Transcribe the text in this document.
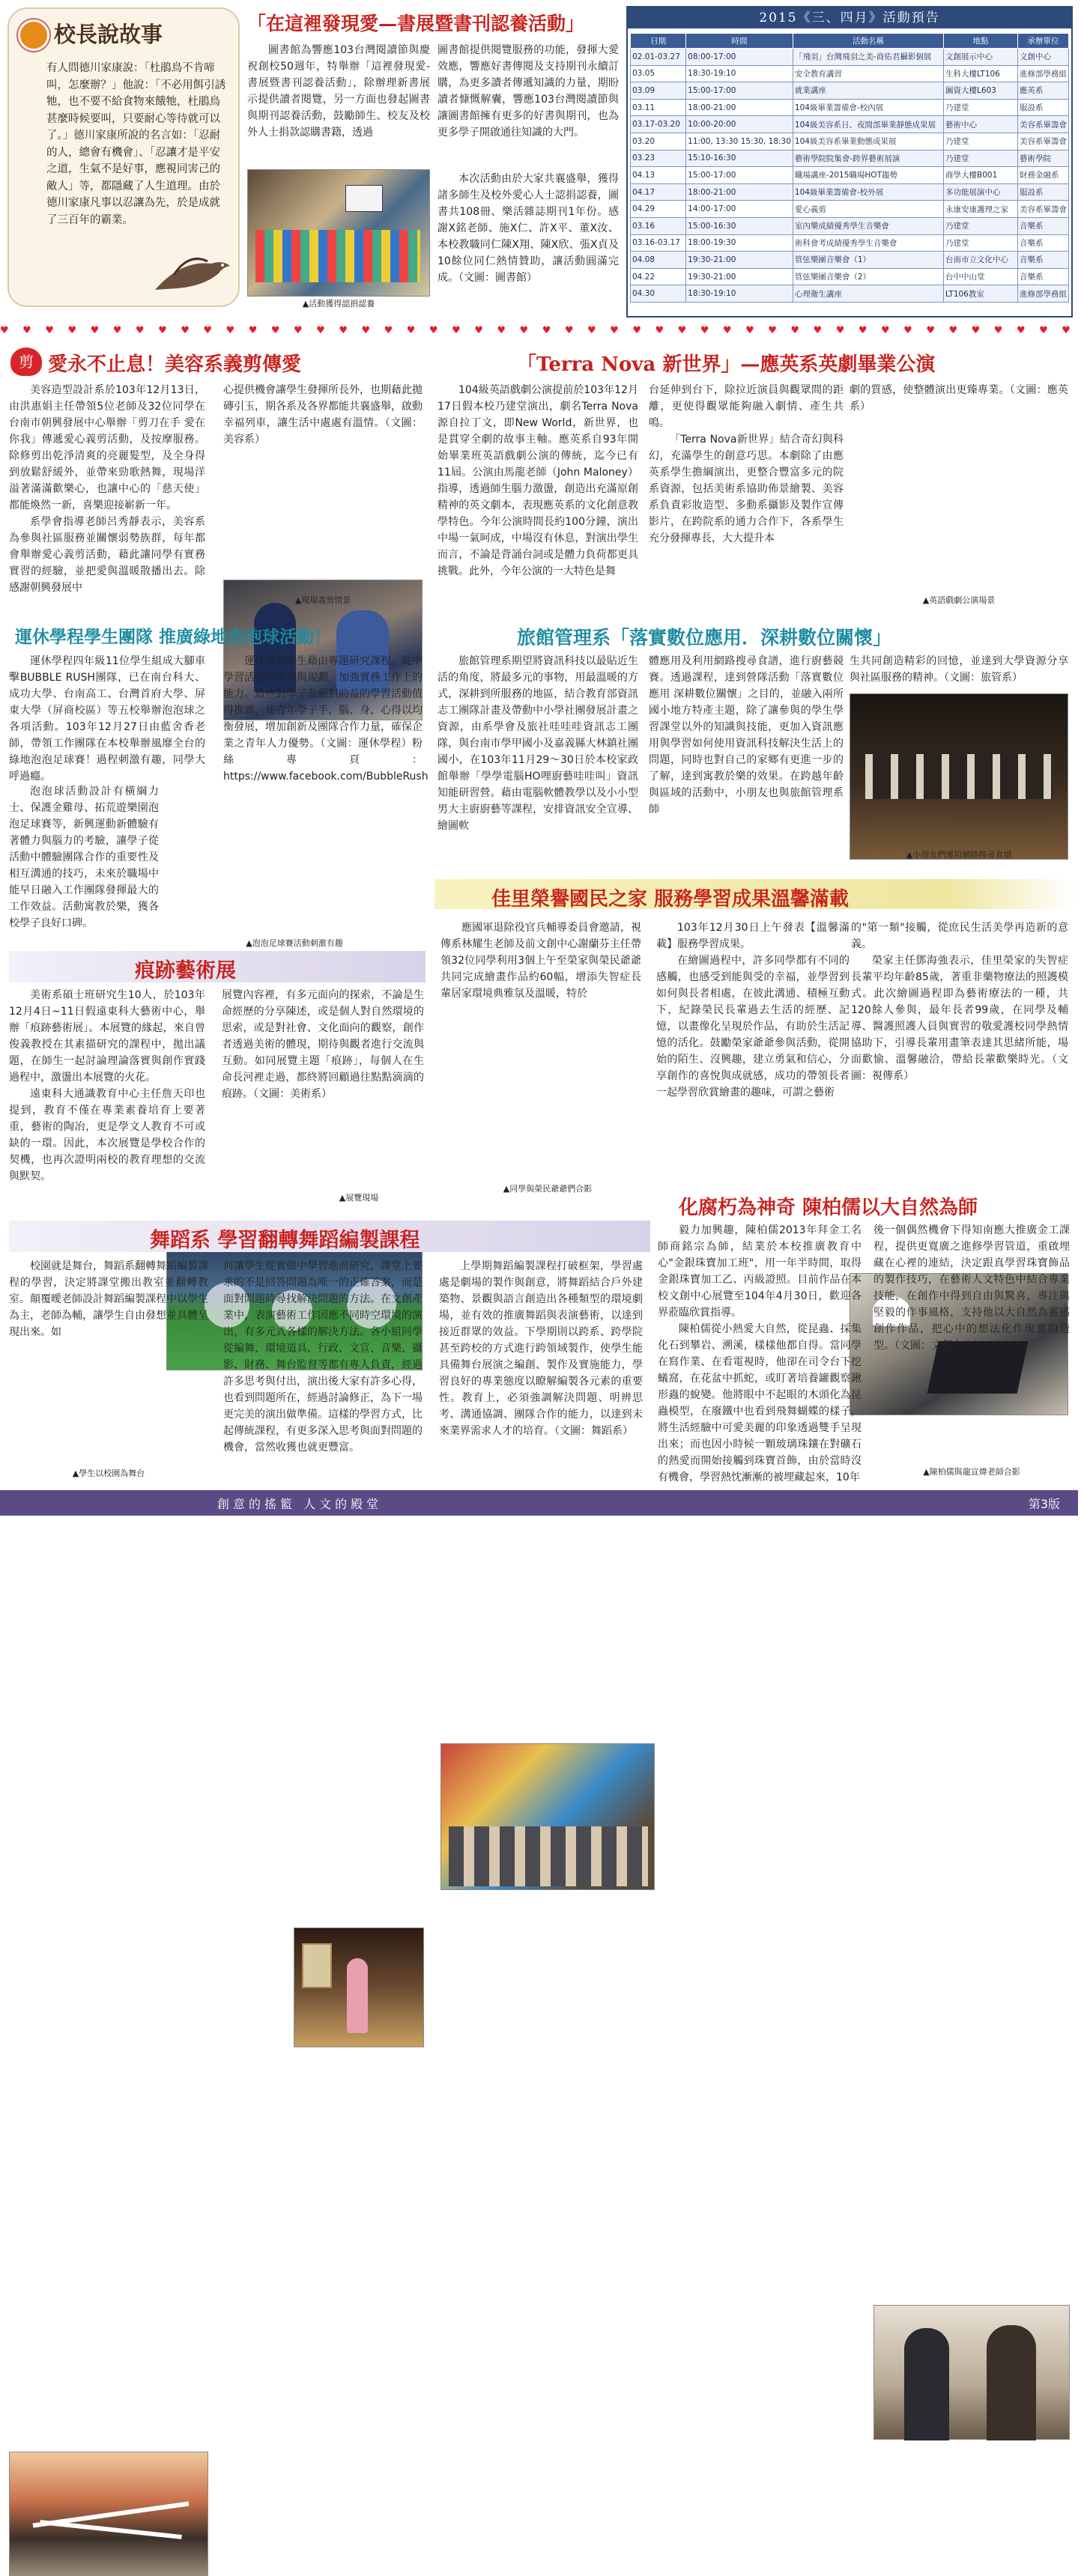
校長說故事
有人問德川家康說：「杜鵑鳥不肯啼叫，怎麼辦？」他說：「不必用餌引誘牠，也不要不給食物來餓牠，杜鵑鳥甚麼時候要叫，只要耐心等待就可以了。」德川家康所說的名言如：「忍耐的人，總會有機會」、「忍讓才是平安之道，生氣不是好事，應視同害己的敵人」等，都隱藏了人生道理。由於德川家康凡事以忍讓為先，於是成就了三百年的霸業。
「在這裡發現愛—書展暨書刊認養活動」

圖書館為響應103台灣閱讀節與慶祝創校50週年，特舉辦「這裡發現愛-書展暨書刊認養活動」，除辦理新書展示提供讀者閱覽，另一方面也發起圖書與期刊認養活動，鼓勵師生、校友及校外人士捐款認購書籍，透過

▲活動獲得認捐認養

圖書館提供閱覽服務的功能，發揮大愛效應，響應好書傳閱及支持期刊永續訂購，為更多讀者傳遞知識的力量，期盼讀者慷慨解囊，響應103台灣閱讀節與讓圖書館擁有更多的好書與期刊，也為更多學子開啟通往知識的大門。

本次活動由於大家共襄盛舉，獲得諸多師生及校外愛心人士認捐認養，圖書共108冊、樂活雜誌期刊1年份。感謝X銘老師、施X仁、許X平、董X汝、本校教職同仁陳X翔、陳X欣、張X貞及10餘位同仁熱情贊助，讓活動圓滿完成。（文圖：圖書館）

2015《三、四月》活動預告
日期	時間	活動名稱	地點	承辦單位
02.01-03.27	08:00-17:00	「飛羽」台灣飛羽之美-商佑君攝影個展	文創展示中心	文創中心
03.05	18:30-19:10	安全教育講習	生科大樓LT106	進修部學務組
03.09	15:00-17:00	就業講座	圖資大樓L603	應英系
03.11	18:00-21:00	104級畢業籌備會-校內展	乃建堂	服設系
03.17-03.20	10:00-20:00	104級美容系日、夜間部畢業靜態成果展	藝術中心	美容系畢籌會
03.20	11:00, 13:30 15:30, 18:30	104級美容系畢業動態成果展	乃建堂	美容系畢籌會
03.23	15:10-16:30	藝術學院院集會-跨界藝術展演	乃建堂	藝術學院
04.13	15:00-17:00	職場講座-2015職場HOT趨勢	商學大樓B001	財務金融系
04.17	18:00-21:00	104級畢業籌備會-校外展	多功能展演中心	服設系
04.29	14:00-17:00	愛心義剪	永康安康護理之家	美容系畢籌會
03.16	15:00-16:30	室內樂成績優秀學生音樂會	乃建堂	音樂系
03.16-03.17	18:00-19:30	術科會考成績優秀學生音樂會	乃建堂	音樂系
04.08	19:30-21:00	管弦樂團音樂會（1）	台南市立文化中心	音樂系
04.22	19:30-21:00	管弦樂團音樂會（2）	台中中山堂	音樂系
04.30	18:30-19:10	心理衛生講座	LT106教室	進修部學務組
♥♥♥♥♥♥♥♥♥♥♥♥♥♥♥♥♥♥♥♥♥♥♥♥♥♥♥♥♥♥♥♥♥♥♥♥♥♥♥♥♥♥♥♥♥♥♥♥
剪 愛永不止息！美容系義剪傳愛

美容造型設計系於103年12月13日，由洪惠娟主任帶領5位老師及32位同學在台南市朝興發展中心舉辦「剪刀在手 愛在你我」傳遞愛心義剪活動，及按摩服務。除修剪出乾淨清爽的亮麗髮型，及全身得到放鬆舒緩外，並帶來勁歌熱舞，現場洋溢著滿滿歡樂心，也讓中心的「慈天使」都能煥然一新，喜樂迎接嶄新一年。

系學會指導老師呂秀靜表示，美容系為參與社區服務並關懷弱勢族群，每年都會舉辦愛心義剪活動，藉此讓同學有實務實習的經驗，並把愛與溫暖散播出去。除感謝朝興發展中

心提供機會讓學生發揮所長外，也期藉此拋磚引玉，期各系及各界都能共襄盛舉，啟動幸福列車，讓生活中處處有溫情。（文圖：美容系）

▲現場義剪情景
「Terra Nova 新世界」—應英系英劇畢業公演

104級英語戲劇公演提前於103年12月17日假本校乃建堂演出，劇名Terra Nova源自拉丁文，即New World，新世界，也是貫穿全劇的故事主軸。應英系自93年開始畢業班英語戲劇公演的傳統，迄今已有11屆。公演由馬龍老師（John Maloney）指導，透過師生腦力激盪，創造出充滿原創精神的英文劇本，表現應英系的文化創意教學特色。今年公演時間長約100分鐘，演出中場一氣呵成，中場沒有休息，對演出學生而言，不論是背誦台詞或是體力負荷都更具挑戰。此外，今年公演的一大特色是舞

台延伸到台下，除拉近演員與觀眾間的距離，更使得觀眾能夠融入劇情、產生共鳴。

「Terra Nova新世界」結合奇幻與科幻，充滿學生的創意巧思。本劇除了由應英系學生擔綱演出，更整合豐富多元的院系資源，包括美術系協助佈景繪製、美容系負責彩妝造型、多動系攝影及製作宣傳影片，在跨院系的通力合作下，各系學生充分發揮專長，大大提升本

劇的質感，使整體演出更臻專業。（文圖：應英系）

▲英語戲劇公演場景
運休學程學生團隊 推廣綠地泡泡球活動！

運休學程四年級11位學生組成大腳車擊BUBBLE RUSH團隊，已在南台科大、成功大學、台南高工、台灣首府大學、屏東大學（屏商校區）等五校舉辦泡泡球之各項活動。103年12月27日由藍舍香老師，帶領工作團隊在本校舉辦風靡全台的綠地泡泡足球賽！過程刺激有趣，同學大呼過癮。

運休學程學生藉由專題研究課程，從中學習活動的辦理與規劃，加強實務工作上的能力。這些對學子有絕對助益的學習活動值得推廣，使青年學子手、腦、身、心得以均衡發展，增加創新及團隊合作力量，確保企業之青年人力優勢。（文圖：運休學程）粉絲專頁：https://www.facebook.com/BubbleRush

泡泡球活動設計有橫綱力士、保護金雞母、拓荒遊樂園泡泡足球賽等，新興運動新體驗有著體力與腦力的考驗，讓學子從活動中體驗團隊合作的重要性及相互溝通的技巧，未來於職場中能早日融入工作團隊發揮最大的工作效益。活動寓教於樂，獲各校學子良好口碑。

▲泡泡足球賽活動刺激有趣
旅館管理系「落實數位應用．深耕數位關懷」

旅館管理系期望將資訊科技以最貼近生活的角度，將最多元的事物，用最溫暖的方式，深耕到所服務的地區，結合教育部資訊志工團隊計畫及帶動中小學社團發展計畫之資源，由系學會及旅社哇哇哇資訊志工團隊，與台南市學甲國小及嘉義縣大林鎮社團國小，在103年11月29～30日於本校家政館舉辦「學學電腦HO哩廚藝哇哇叫」資訊知能研習營。藉由電腦軟體教學以及小小型男大主廚廚藝等課程，安排資訊安全宣導、繪圖軟

體應用及利用網路搜尋食譜，進行廚藝競賽。透過課程，達到營隊活動「落實數位應用 深耕數位關懷」之目的，並融入兩所國小地方特產主題，除了讓參與的學生學習課堂以外的知識與技能，更加入資訊應用與學習如何使用資訊科技解決生活上的問題，同時也對自己的家鄉有更進一步的了解，達到寓教於樂的效果。在跨越年齡與區域的活動中，小朋友也與旅館管理系師

生共同創造精彩的回憶，並達到大學資源分享與社區服務的精神。（文圖：旅管系）

▲小朋友們運用網路搜尋食譜
佳里榮譽國民之家 服務學習成果溫馨滿載

應國軍退除役官兵輔導委員會邀請，視傳系林耀生老師及前文創中心謝蘭芬主任帶領32位同學利用3個上午至榮家與榮民爺爺共同完成繪畫作品約60幅，增添失智症長輩居家環境典雅氛及溫暖，特於

▲同學與榮民爺爺們合影

103年12月30日上午發表【溫馨滿載】服務學習成果。

在繪圖過程中，許多同學都有不同的感觸，也感受到能與受的幸福，並學習到如何與長者相處，在彼此溝通、積極互動下，紀錄榮民長輩過去生活的經歷、記憶，以畫像化呈現於作品，有助於生活記憶的活化。鼓勵榮家爺爺參與活動，從開始的陌生、沒興趣，建立勇氣和信心，分享創作的喜悅與成就感，成功的帶領長者一起學習欣賞繪畫的趣味，可謂之藝術

的"第一類"接觸，從庶民生活美學再造新的意義。

榮家主任鄧海強表示，佳里榮家的失智症長輩平均年齡85歲，著重非藥物療法的照護模式。此次繪圖過程即為藝術療法的一種，共120餘人參與，最年長者99歲，在同學及輔導、醫護照護人員與實習的敬愛護校同學熱情協助下，引導長輩用畫筆表達其思緒所能，場面歡愉、溫馨融洽，帶給長輩歡樂時光。（文圖：視傳系）

痕跡藝術展

美術系碩士班研究生10人，於103年12月4日~11日假遠東科大藝術中心，舉辦「痕跡藝術展」。本展覽的緣起，來自曾俊義教授在其素描研究的課程中，拋出議題，在師生一起討論理論落實與創作實踐過程中，激盪出本展覽的火花。

遠東科大通識教育中心主任詹天印也提到，教育不僅在專業素養培育上要著重，藝術的陶冶，更是學文人教育不可或缺的一環。因此，本次展覽是學校合作的契機，也再次證明兩校的教育理想的交流與默契。

展覽內容裡，有多元面向的探索，不論是生命經歷的分享陳述，或是個人對自然環境的思索，或是對社會、文化面向的觀察，創作者透過美術的體現，期待與觀者進行交流與互動。如同展覽主題「痕跡」，每個人在生命長河裡走過，都終將回顧過往點點滴滴的痕跡。（文圖：美術系）

▲展覽現場	化腐朽為神奇 陳柏儒以大自然為師

毅力加興趣，陳柏儒2013年拜金工名師商銘宗為師，結業於本校推廣教育中心"金銀珠寶加工班"，用一年半時間，取得金銀珠寶加工乙、丙級證照。目前作品在本校文創中心展覽至104年4月30日，歡迎各界蒞臨欣賞指導。

陳柏儒從小熱愛大自然，從昆蟲、採集化石到攀岩、溯溪，樣樣他都自得。當同學在寫作業、在看電視時，他卻在司令台下挖蟻窩，在花盆中抓蛇，或盯著培養罐觀察鍬形蟲的蛻變。他將眼中不起眼的木頭化為昆蟲模型，在廢鐵中也看到飛舞蝴蝶的樣子，將生活經驗中可愛美麗的印象透過雙手呈現出來；而也因小時候一顆玻璃珠鑲在對礦石的熱愛而開始接觸到珠寶首飾，由於當時沒有機會，學習熱忱漸漸的被埋藏起來，10年

後一個偶然機會下得知南應大推廣金工課程，提供更寬廣之進修學習管道，重啟埋藏在心裡的連結，決定跟真學習珠寶飾品的製作技巧，在藝術人文特色中結合專業技能，在創作中得到自由與驚喜，專注與堅毅的作事風格，支持他以大自然為靈感創作作品，把心中的想法化作現實的造型。（文圖：文創中心）

▲陳柏儒與龍宣煒老師合影
舞蹈系 學習翻轉舞蹈編製課程

校園就是舞台，舞蹈系翻轉舞蹈編製課程的學習，決定將課堂搬出教室並翻轉教室。顛覆曖老師設計舞蹈編製課程中以學生為主，老師為輔，讓學生自由發想並具體呈現出來。如

▲學生以校園為舞台

何讓學生從實做中學習進而研究，課堂上要求的不是回答問題為唯一的正確答案，而是面對問題時尋找解決問題的方法。在文創產業中，表演藝術工作因應不同時空環境的演出，有多元式各樣的解決方法。各小組同學從編舞、環境道具、行政、文宣、音樂、攝影、財務、舞台監督等都有專人負責，經過許多思考與付出，演出後大家有許多心得，也看到問題所在，經過討論修正，為下一場更完美的演出做準備。這樣的學習方式，比起傳統課程，有更多深入思考與面對問題的機會，當然收獲也就更豐富。

上學期舞蹈編製課程打破框架，學習處處是劇場的製作與創意，將舞蹈結合戶外建築物、景觀與語言創造出各種類型的環境劇場，並有效的推廣舞蹈與表演藝術，以達到接近群眾的效益。下學期則以跨系、跨學院甚至跨校的方式進行跨領域製作，使學生能具備舞台展演之編創、製作及實施能力，學習良好的專業態度以瞭解編製各元素的重要性。教育上，必須強調解決問題、明辨思考、溝通協調、團隊合作的能力，以達到未來業界需求人才的培育。（文圖：舞蹈系）

創意的搖籃 人文的殿堂	第3版
